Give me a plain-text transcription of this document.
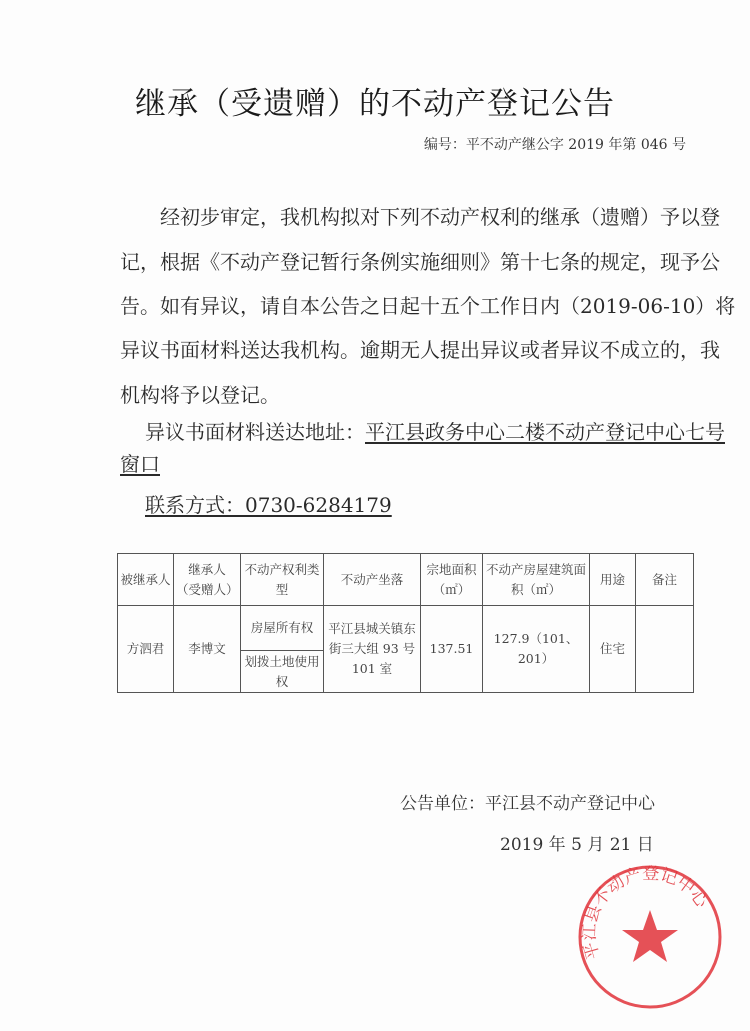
继承（受遗赠）的不动产登记公告
编号：平不动产继公字 2019 年第 046 号
经初步审定，我机构拟对下列不动产权利的继承（遗赠）予以登
记，根据《不动产登记暂行条例实施细则》第十七条的规定，现予公
告。如有异议，请自本公告之日起十五个工作日内（2019-06-10）将
异议书面材料送达我机构。逾期无人提出异议或者异议不成立的，我
机构将予以登记。
异议书面材料送达地址：平江县政务中心二楼不动产登记中心七号
窗口
联系方式：0730-6284179
被继承人	继承人（受赠人）	不动产权利类　型	不动产坐落	宗地面积（㎡）	不动产房屋建筑面积（㎡）	用途	备注
方泗君	李博文	房屋所有权	平江县城关镇东街三大组 93 号 101 室	137.51	127.9（101、201）	住宅	
		划拨土地使用权					
公告单位：平江县不动产登记中心
2019 年 5 月 21 日
平江县不动产登记中心
